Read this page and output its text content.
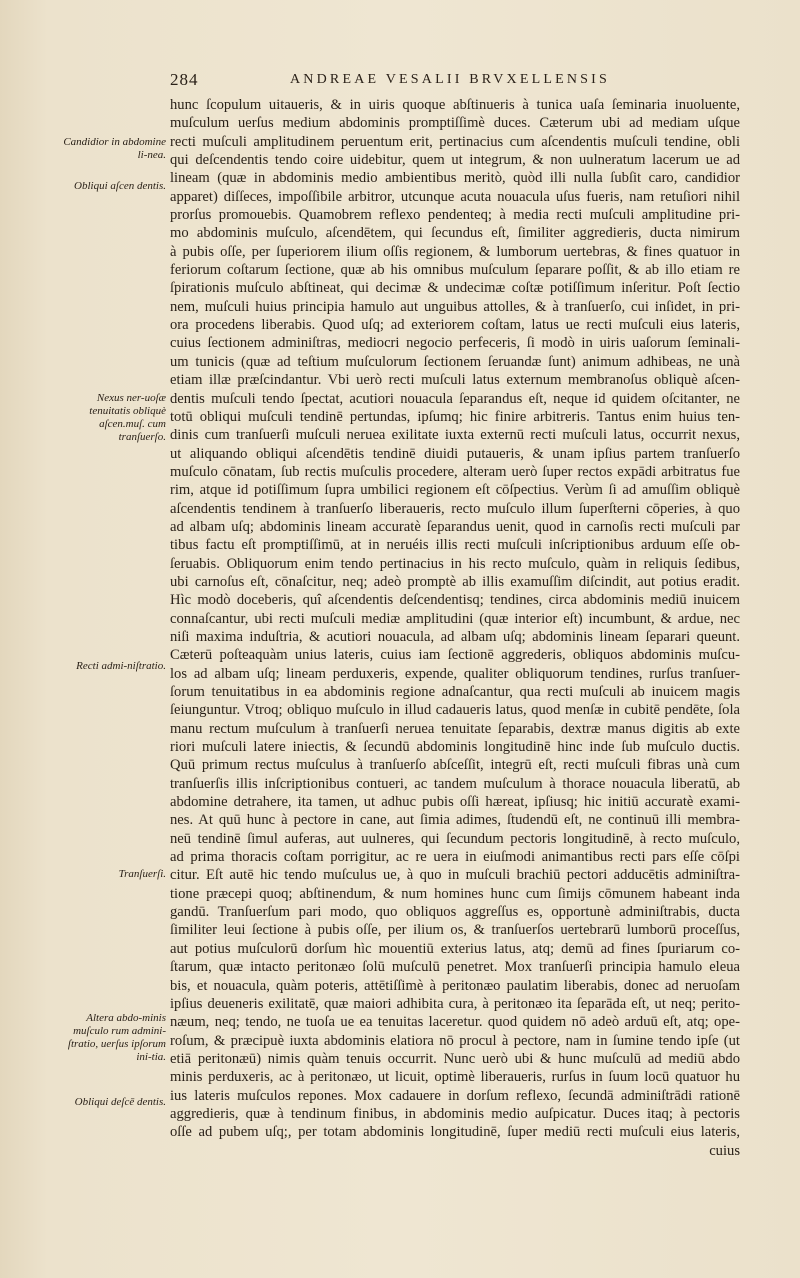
284	ANDREAE VESALII BRVXELLENSIS
hunc ſcopulum uitaueris, & in uiris quoque abſtinueris à tunica uaſa ſeminaria inuoluente,
muſculum uerſus medium abdominis promptiſſimè duces. Cæterum ubi ad mediam uſque
recti muſculi amplitudinem peruentum erit, pertinacius cum aſcendentis muſculi tendine, obli
qui deſcendentis tendo coire uidebitur, quem ut integrum, & non uulneratum lacerum ue ad
lineam (quæ in abdominis medio ambientibus meritò, quòd illi nulla ſubſit caro, candidior
apparet) diſſeces, impoſſibile arbitror, utcunque acuta nouacula uſus fueris, nam retuſiori nihil
prorſus promouebis. Quamobrem reflexo pendenteq; à media recti muſculi amplitudine pri-
mo abdominis muſculo, aſcendētem, qui ſecundus eſt, ſimiliter aggredieris, ducta nimirum
à pubis oſſe, per ſuperiorem ilium oſſis regionem, & lumborum uertebras, & fines quatuor in
feriorum coſtarum ſectione, quæ ab his omnibus muſculum ſeparare poſſit, & ab illo etiam re
ſpirationis muſculo abſtineat, qui decimæ & undecimæ coſtæ potiſſimum inſeritur. Poſt ſectio
nem, muſculi huius principia hamulo aut unguibus attolles, & à tranſuerſo, cui inſidet, in pri-
ora procedens liberabis. Quod uſq; ad exteriorem coſtam, latus ue recti muſculi eius lateris,
cuius ſectionem adminiſtras, mediocri negocio perfeceris, ſi modò in uiris uaſorum ſeminali-
um tunicis (quæ ad teſtium muſculorum ſectionem ſeruandæ ſunt) animum adhibeas, ne unà
etiam illæ præſcindantur. Vbi uerò recti muſculi latus externum membranoſus obliquè aſcen-
dentis muſculi tendo ſpectat, acutiori nouacula ſeparandus eſt, neque id quidem oſcitanter, ne
totū obliqui muſculi tendinē pertundas, ipſumq; hic finire arbitreris. Tantus enim huius ten-
dinis cum tranſuerſi muſculi neruea exilitate iuxta externū recti muſculi latus, occurrit nexus,
ut aliquando obliqui aſcendētis tendinē diuidi putaueris, & unam ipſius partem tranſuerſo
muſculo cōnatam, ſub rectis muſculis procedere, alteram uerò ſuper rectos expādi arbitratus fue
rim, atque id potiſſimum ſupra umbilici regionem eſt cōſpectius. Verùm ſi ad amuſſim obliquè
aſcendentis tendinem à tranſuerſo liberaueris, recto muſculo illum ſuperſterni cōperies, à quo
ad albam uſq; abdominis lineam accuratè ſeparandus uenit, quod in carnoſis recti muſculi par
tibus factu eſt promptiſſimū, at in neruéis illis recti muſculi inſcriptionibus arduum eſſe ob-
ſeruabis. Obliquorum enim tendo pertinacius in his recto muſculo, quàm in reliquis ſedibus,
ubi carnoſus eſt, cōnaſcitur, neq; adeò promptè ab illis examuſſim diſcindit, aut potius eradit.
Hìc modò doceberis, quî aſcendentis deſcendentisq; tendines, circa abdominis mediū inuicem
connaſcantur, ubi recti muſculi mediæ amplitudini (quæ interior eſt) incumbunt, & ardue, nec
niſi maxima induſtria, & acutiori nouacula, ad albam uſq; abdominis lineam ſeparari queunt.
Cæterū poſteaquàm unius lateris, cuius iam ſectionē aggrederis, obliquos abdominis muſcu-
los ad albam uſq; lineam perduxeris, expende, qualiter obliquorum tendines, rurſus tranſuer-
ſorum tenuitatibus in ea abdominis regione adnaſcantur, qua recti muſculi ab inuicem magis
ſeiunguntur. Vtroq; obliquo muſculo in illud cadaueris latus, quod menſæ in cubitē pendēte, ſola
manu rectum muſculum à tranſuerſi neruea tenuitate ſeparabis, dextræ manus digitis ab exte
riori muſculi latere iniectis, & ſecundū abdominis longitudinē hinc inde ſub muſculo ductis.
Quū primum rectus muſculus à tranſuerſo abſceſſit, integrū eſt, recti muſculi fibras unà cum
tranſuerſis illis inſcriptionibus contueri, ac tandem muſculum à thorace nouacula liberatū, ab
abdomine detrahere, ita tamen, ut adhuc pubis oſſi hæreat, ipſiusq; hic initiū accuratè exami-
nes. At quū hunc à pectore in cane, aut ſimia adimes, ſtudendū eſt, ne continuū illi membra-
neū tendinē ſimul auferas, aut uulneres, qui ſecundum pectoris longitudinē, à recto muſculo,
ad prima thoracis coſtam porrigitur, ac re uera in eiuſmodi animantibus recti pars eſſe cōſpi
citur. Eſt autē hic tendo muſculus ue, à quo in muſculi brachiū pectori adducētis adminiſtra-
tione præcepi quoq; abſtinendum, & num homines hunc cum ſimijs cōmunem habeant inda
gandū. Tranſuerſum pari modo, quo obliquos aggreſſus es, opportunè adminiſtrabis, ducta
ſimiliter leui ſectione à pubis oſſe, per ilium os, & tranſuerſos uertebrarū lumborū proceſſus,
aut potius muſculorū dorſum hìc mouentiū exterius latus, atq; demū ad fines ſpuriarum co-
ſtarum, quæ intacto peritonæo ſolū muſculū penetret. Mox tranſuerſi principia hamulo eleua
bis, et nouacula, quàm poteris, attētiſſimè à peritonæo paulatim liberabis, donec ad neruoſam
ipſius deueneris exilitatē, quæ maiori adhibita cura, à peritonæo ita ſeparāda eſt, ut neq; perito-
næum, neq; tendo, ne tuoſa ue ea tenuitas laceretur. quod quidem nō adeò arduū eſt, atq; ope-
roſum, & præcipuè iuxta abdominis elatiora nō procul à pectore, nam in ſumine tendo ipſe (ut
etiā peritonæū) nimis quàm tenuis occurrit. Nunc uerò ubi & hunc muſculū ad mediū abdo
minis perduxeris, ac à peritonæo, ut licuit, optimè liberaueris, rurſus in ſuum locū quatuor hu
ius lateris muſculos repones. Mox cadauere in dorſum reflexo, ſecundā adminiſtrādi rationē
aggredieris, quæ à tendinum finibus, in abdominis medio auſpicatur. Duces itaq; à pectoris
oſſe ad pubem uſq;, per totam abdominis longitudinē, ſuper mediū recti muſculi eius lateris,
cuius
Candidior in abdomine li-nea.
Obliqui aſcen dentis.
Nexus ner-uoſæ tenuitatis obliquè aſcen.muſ. cum tranſuerſo.
Recti admi-niſtratio.
Tranſuerſi.
Altera abdo-minis muſculo rum admini-ſtratio, uerſus ipſorum ini-tia.
Obliqui deſcē dentis.
